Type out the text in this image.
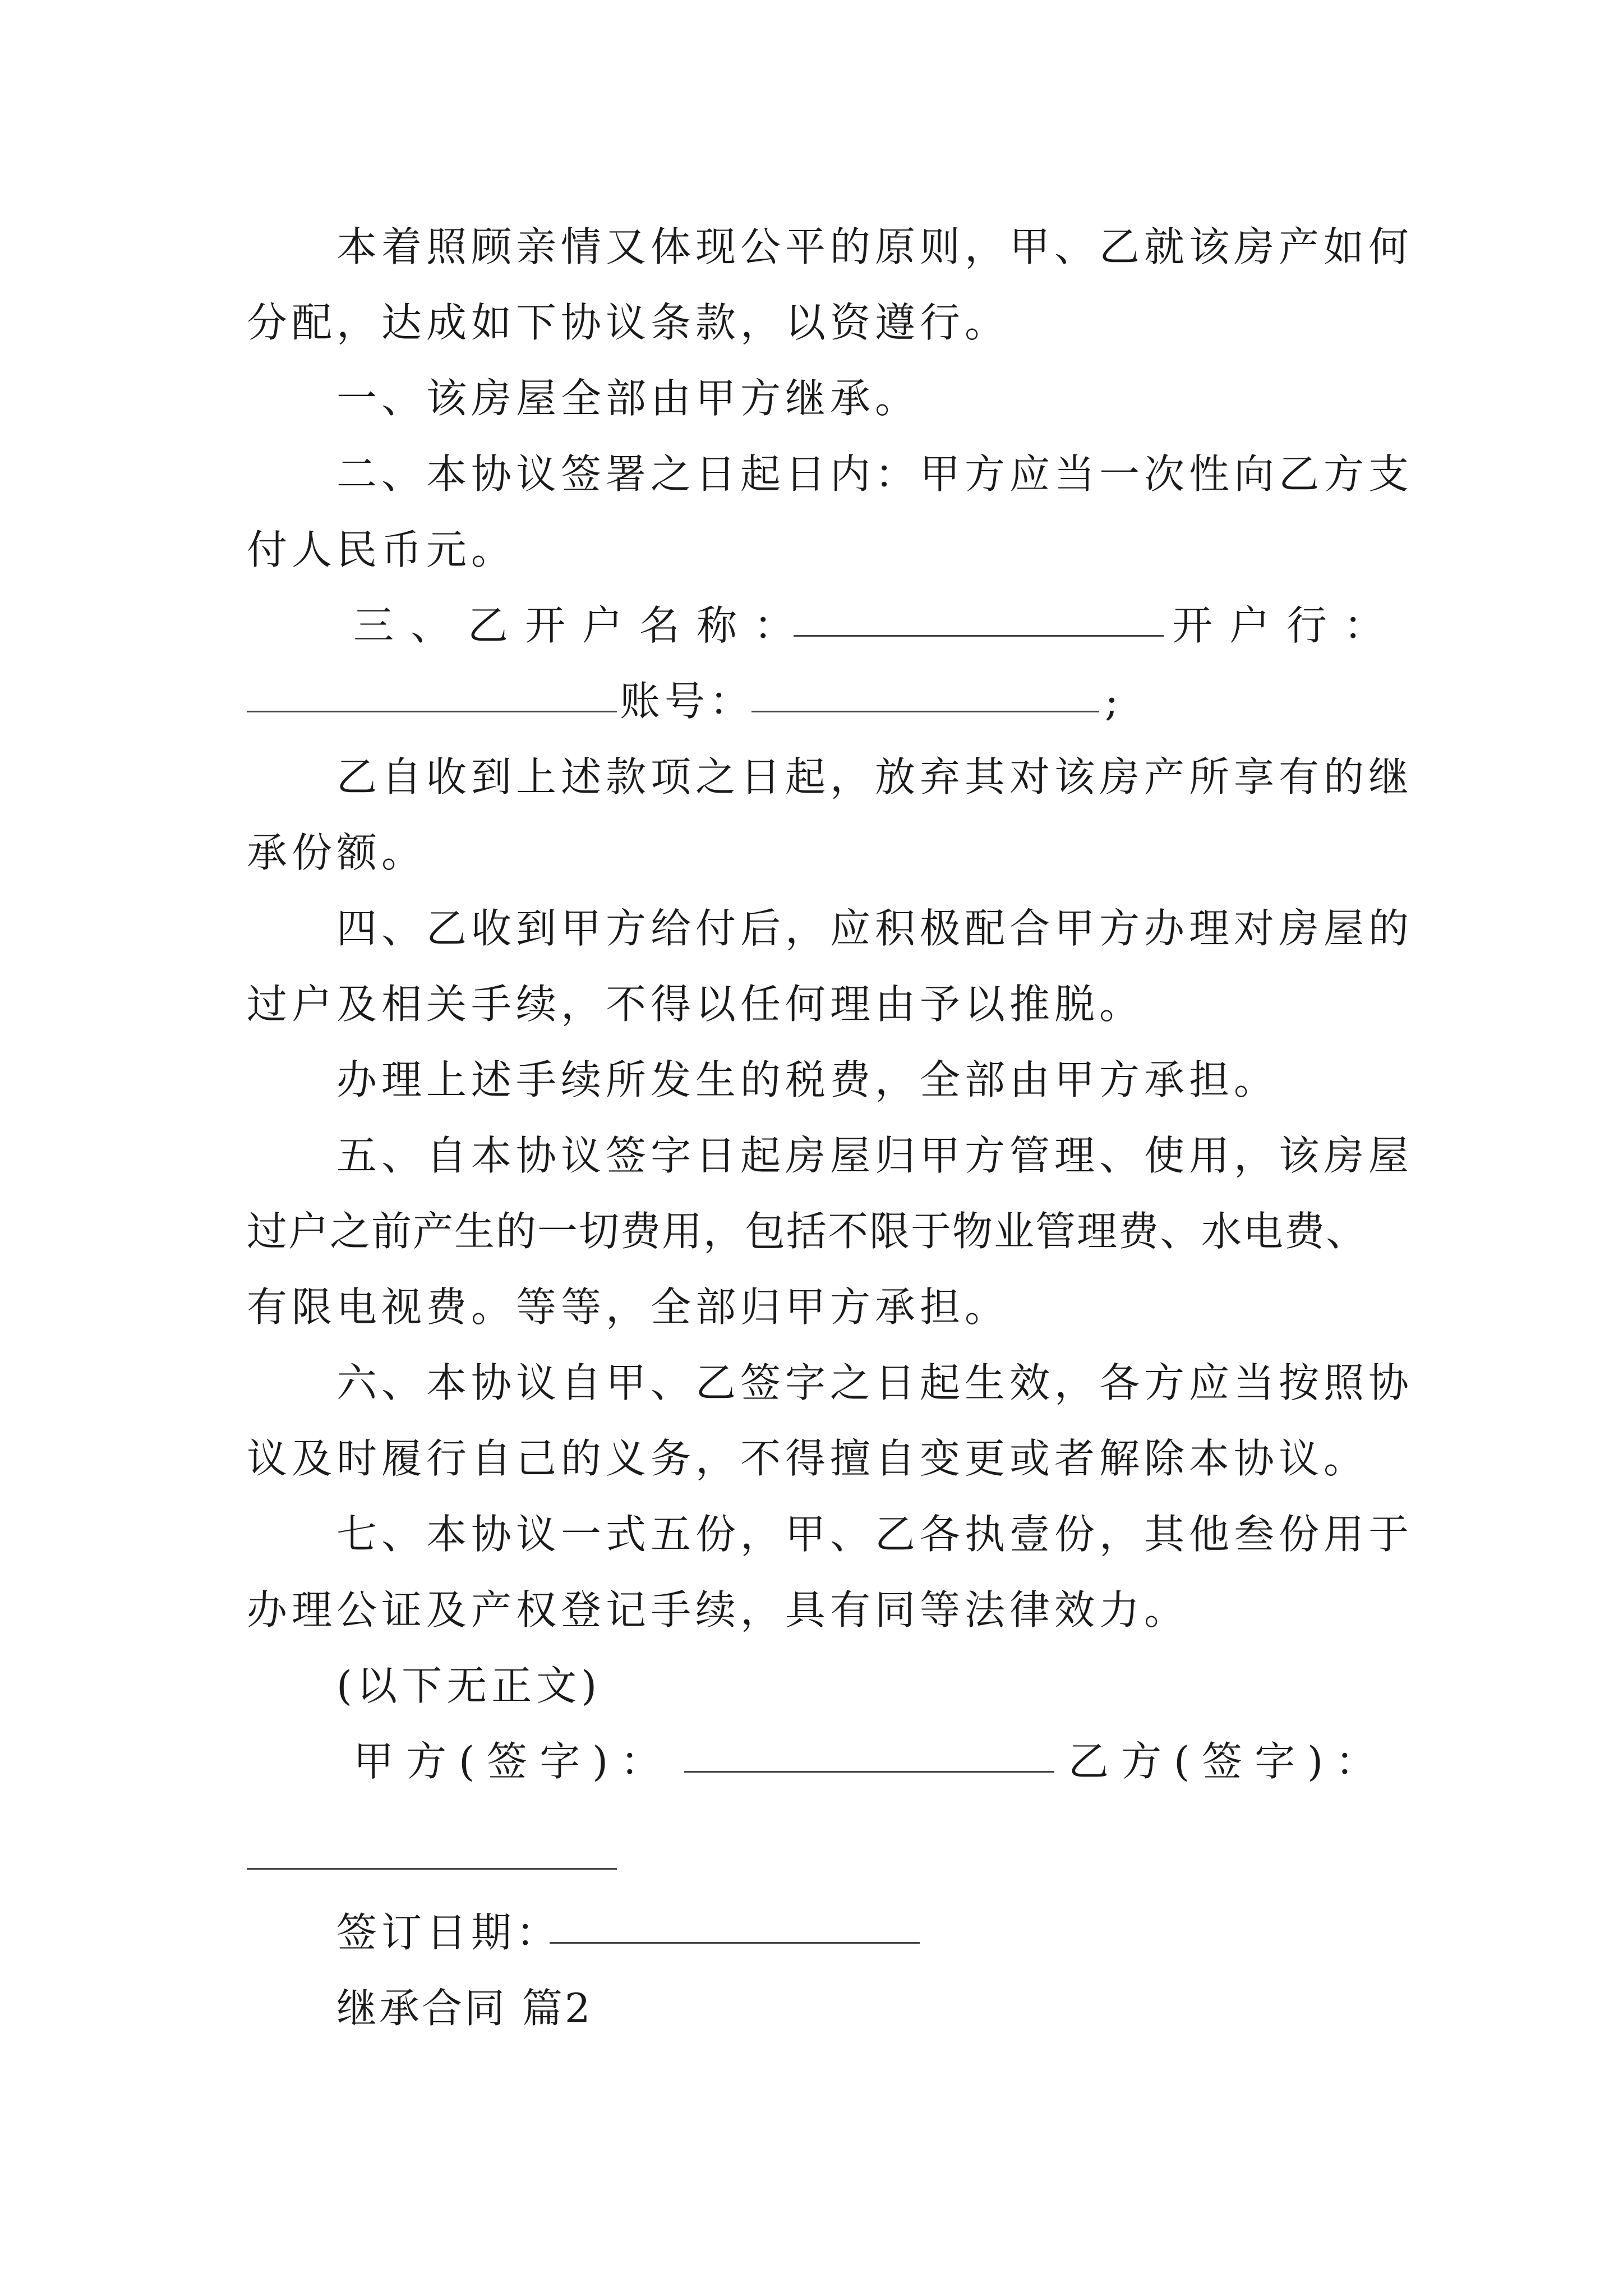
本着照顾亲情又体现公平的原则，甲、乙就该房产如何
分配，达成如下协议条款，以资遵行。
一、该房屋全部由甲方继承。
二、本协议签署之日起日内：甲方应当一次性向乙方支
付人民币元。
三、乙开户名称：	开户行：
账号：	;
乙自收到上述款项之日起，放弃其对该房产所享有的继
承份额。
四、乙收到甲方给付后，应积极配合甲方办理对房屋的
过户及相关手续，不得以任何理由予以推脱。
办理上述手续所发生的税费，全部由甲方承担。
五、自本协议签字日起房屋归甲方管理、使用，该房屋
过户之前产生的一切费用，包括不限于物业管理费、水电费、
有限电视费。等等，全部归甲方承担。
六、本协议自甲、乙签字之日起生效，各方应当按照协
议及时履行自己的义务，不得擅自变更或者解除本协议。
七、本协议一式五份，甲、乙各执壹份，其他叁份用于
办理公证及产权登记手续，具有同等法律效力。
(以下无正文)
甲方(签字)：	乙方(签字)：
签订日期：
继承合同 篇2
